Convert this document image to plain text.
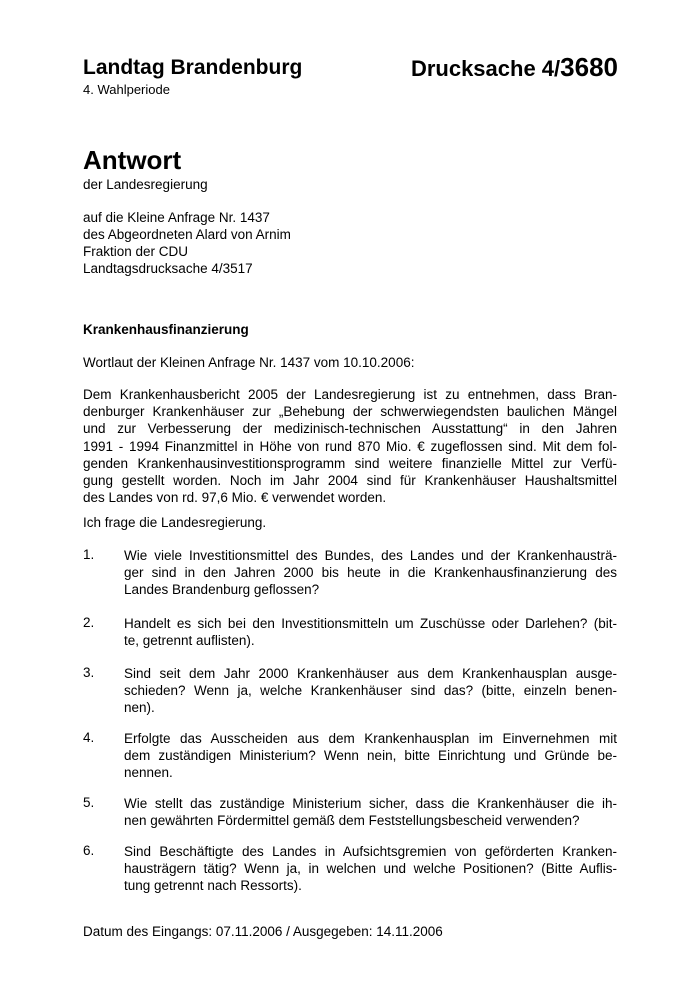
Landtag Brandenburg
4. Wahlperiode
Drucksache 4/3680
Antwort
der Landesregierung
auf die Kleine Anfrage Nr. 1437
des Abgeordneten Alard von Arnim
Fraktion der CDU
Landtagsdrucksache 4/3517
Krankenhausfinanzierung
Wortlaut der Kleinen Anfrage Nr. 1437 vom 10.10.2006:
Dem Krankenhausbericht 2005 der Landesregierung ist zu entnehmen, dass Bran-
denburger Krankenhäuser zur „Behebung der schwerwiegendsten baulichen Mängel
und zur Verbesserung der medizinisch-technischen Ausstattung“ in den Jahren
1991 - 1994 Finanzmittel in Höhe von rund 870 Mio. € zugeflossen sind. Mit dem fol-
genden Krankenhausinvestitionsprogramm sind weitere finanzielle Mittel zur Verfü-
gung gestellt worden. Noch im Jahr 2004 sind für Krankenhäuser Haushaltsmittel
des Landes von rd. 97,6 Mio. € verwendet worden.
Ich frage die Landesregierung.
1. Wie viele Investitionsmittel des Bundes, des Landes und der Krankenhausträ-
ger sind in den Jahren 2000 bis heute in die Krankenhausfinanzierung des
Landes Brandenburg geflossen?
2. Handelt es sich bei den Investitionsmitteln um Zuschüsse oder Darlehen? (bit-
te, getrennt auflisten).
3. Sind seit dem Jahr 2000 Krankenhäuser aus dem Krankenhausplan ausge-
schieden? Wenn ja, welche Krankenhäuser sind das? (bitte, einzeln benen-
nen).
4. Erfolgte das Ausscheiden aus dem Krankenhausplan im Einvernehmen mit
dem zuständigen Ministerium? Wenn nein, bitte Einrichtung und Gründe be-
nennen.
5. Wie stellt das zuständige Ministerium sicher, dass die Krankenhäuser die ih-
nen gewährten Fördermittel gemäß dem Feststellungsbescheid verwenden?
6. Sind Beschäftigte des Landes in Aufsichtsgremien von geförderten Kranken-
hausträgern tätig? Wenn ja, in welchen und welche Positionen? (Bitte Auflis-
tung getrennt nach Ressorts).
Datum des Eingangs: 07.11.2006 / Ausgegeben: 14.11.2006
